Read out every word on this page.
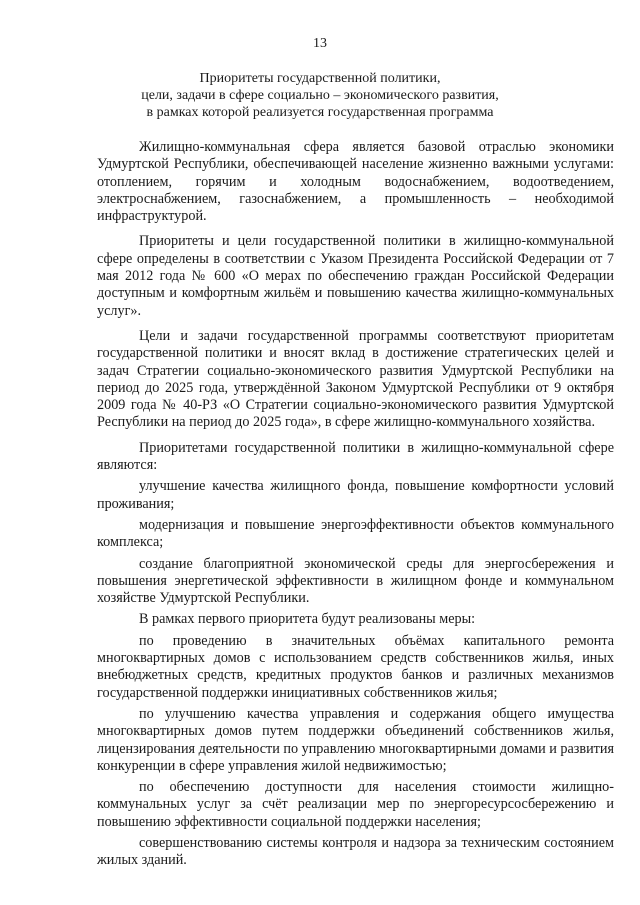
13
Приоритеты государственной политики,
цели, задачи в сфере социально – экономического развития,
в рамках которой реализуется государственная программа

Жилищно-коммунальная сфера является базовой отраслью экономики Удмуртской Республики, обеспечивающей население жизненно важными услугами: отоплением, горячим и холодным водоснабжением, водоотведением, электроснабжением, газоснабжением, а промышленность – необходимой инфраструктурой.

Приоритеты и цели государственной политики в жилищно-коммунальной сфере определены в соответствии с Указом Президента Российской Федерации от 7 мая 2012 года № 600 «О мерах по обеспечению граждан Российской Федерации доступным и комфортным жильём и повышению качества жилищно-коммунальных услуг».

Цели и задачи государственной программы соответствуют приоритетам государственной политики и вносят вклад в достижение стратегических целей и задач Стратегии социально-экономического развития Удмуртской Республики на период до 2025 года, утверждённой Законом Удмуртской Республики от 9 октября 2009 года № 40-РЗ «О Стратегии социально-экономического развития Удмуртской Республики на период до 2025 года», в сфере жилищно-коммунального хозяйства.

Приоритетами государственной политики в жилищно-коммунальной сфере являются:

улучшение качества жилищного фонда, повышение комфортности условий проживания;

модернизация и повышение энергоэффективности объектов коммунального комплекса;

создание благоприятной экономической среды для энергосбережения и повышения энергетической эффективности в жилищном фонде и коммунальном хозяйстве Удмуртской Республики.

В рамках первого приоритета будут реализованы меры:

по проведению в значительных объёмах капитального ремонта многоквартирных домов с использованием средств собственников жилья, иных внебюджетных средств, кредитных продуктов банков и различных механизмов государственной поддержки инициативных собственников жилья;

по улучшению качества управления и содержания общего имущества многоквартирных домов путем поддержки объединений собственников жилья, лицензирования деятельности по управлению многоквартирными домами и развития конкуренции в сфере управления жилой недвижимостью;

по обеспечению доступности для населения стоимости жилищно-коммунальных услуг за счёт реализации мер по энергоресурсосбережению и повышению эффективности социальной поддержки населения;

совершенствованию системы контроля и надзора за техническим состоянием жилых зданий.
